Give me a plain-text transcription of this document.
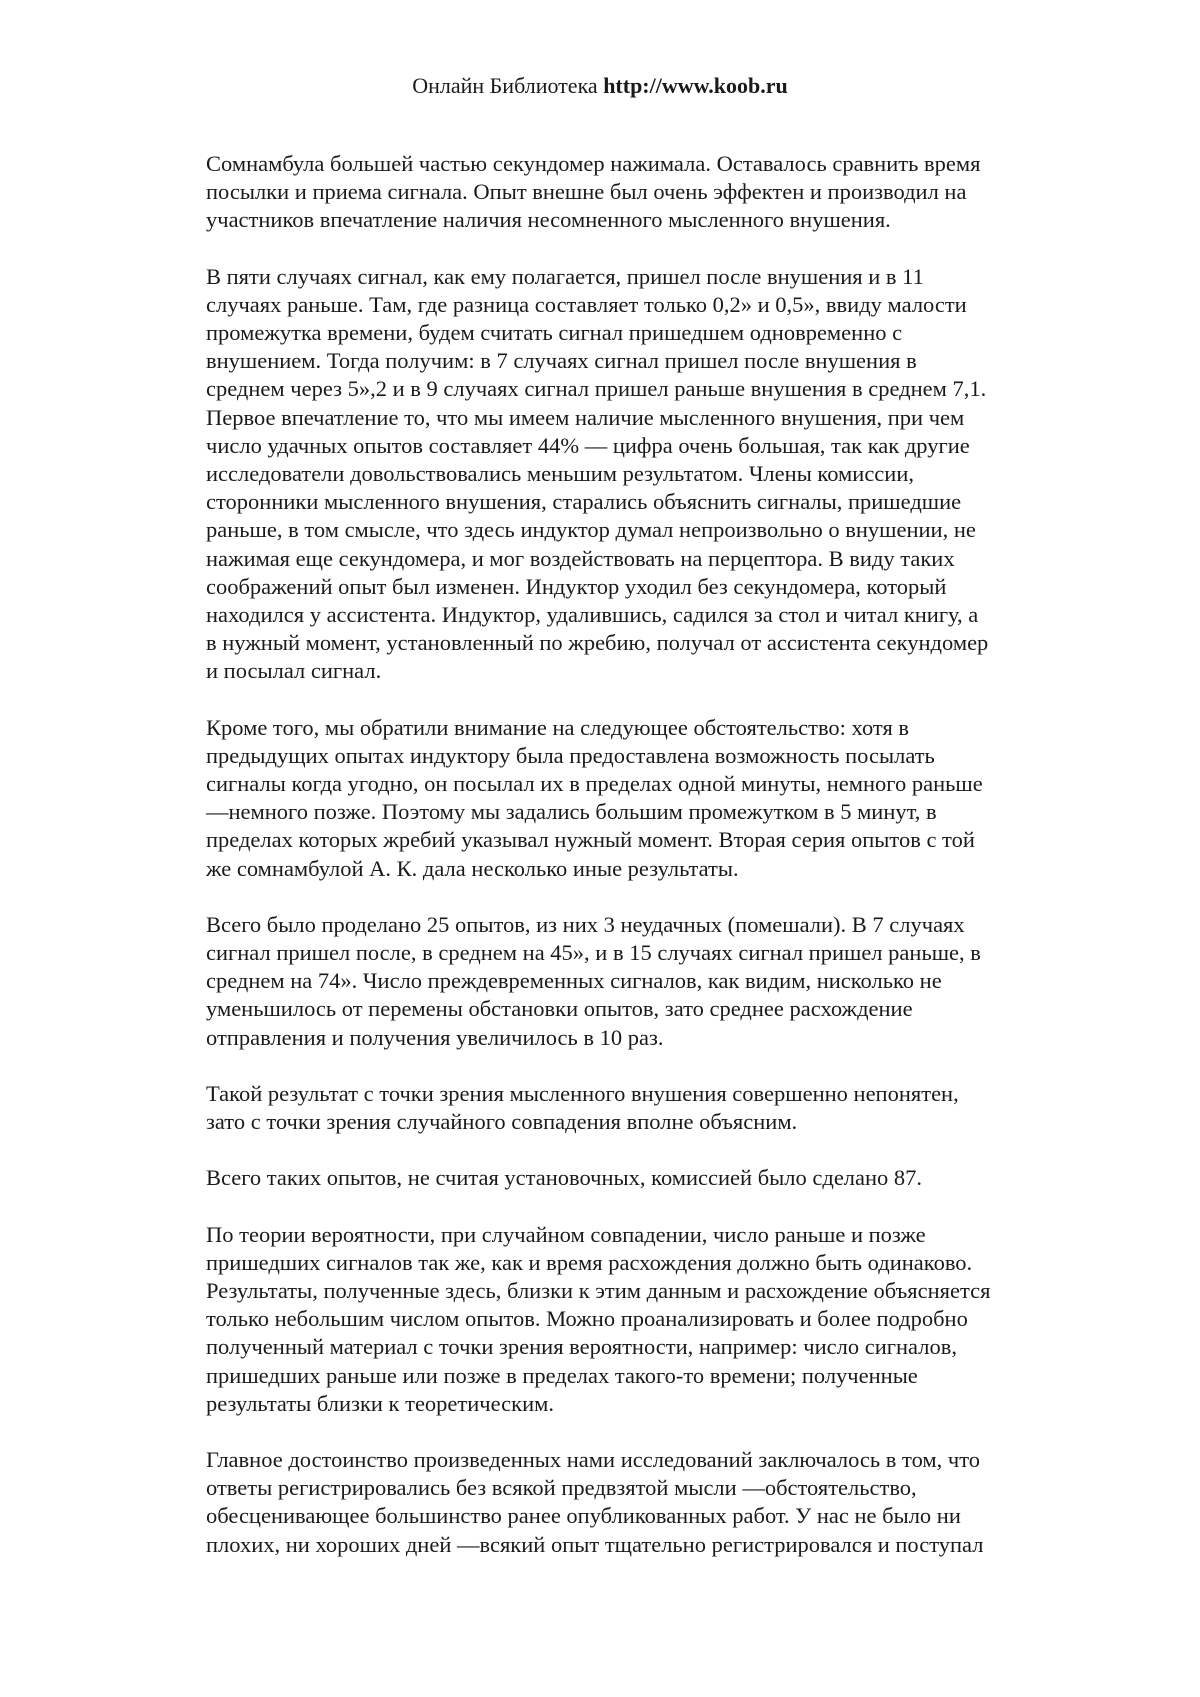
Онлайн Библиотека http://www.koob.ru
Сомнамбула большей частью секундомер нажимала. Оставалось сравнить время
посылки и приема сигнала. Опыт внешне был очень эффектен и производил на
участников впечатление наличия несомненного мысленного внушения.
В пяти случаях сигнал, как ему полагается, пришел после внушения и в 11
случаях раньше. Там, где разница составляет только 0,2» и 0,5», ввиду малости
промежутка времени, будем считать сигнал пришедшем одновременно с
внушением. Тогда получим: в 7 случаях сигнал пришел после внушения в
среднем через 5»,2 и в 9 случаях сигнал пришел раньше внушения в среднем 7,1.
Первое впечатление то, что мы имеем наличие мысленного внушения, при чем
число удачных опытов составляет 44% — цифра очень большая, так как другие
исследователи довольствовались меньшим результатом. Члены комиссии,
сторонники мысленного внушения, старались объяснить сигналы, пришедшие
раньше, в том смысле, что здесь индуктор думал непроизвольно о внушении, не
нажимая еще секундомера, и мог воздействовать на перцептора. В виду таких
соображений опыт был изменен. Индуктор уходил без секундомера, который
находился у ассистента. Индуктор, удалившись, садился за стол и читал книгу, а
в нужный момент, установленный по жребию, получал от ассистента секундомер
и посылал сигнал.
Кроме того, мы обратили внимание на следующее обстоятельство: хотя в
предыдущих опытах индуктору была предоставлена возможность посылать
сигналы когда угодно, он посылал их в пределах одной минуты, немного раньше
—немного позже. Поэтому мы задались большим промежутком в 5 минут, в
пределах которых жребий указывал нужный момент. Вторая серия опытов с той
же сомнамбулой А. К. дала несколько иные результаты.
Всего было проделано 25 опытов, из них 3 неудачных (помешали). В 7 случаях
сигнал пришел после, в среднем на 45», и в 15 случаях сигнал пришел раньше, в
среднем на 74». Число преждевременных сигналов, как видим, нисколько не
уменьшилось от перемены обстановки опытов, зато среднее расхождение
отправления и получения увеличилось в 10 раз.
Такой результат с точки зрения мысленного внушения совершенно непонятен,
зато с точки зрения случайного совпадения вполне объясним.
Всего таких опытов, не считая установочных, комиссией было сделано 87.
По теории вероятности, при случайном совпадении, число раньше и позже
пришедших сигналов так же, как и время расхождения должно быть одинаково.
Результаты, полученные здесь, близки к этим данным и расхождение объясняется
только небольшим числом опытов. Можно проанализировать и более подробно
полученный материал с точки зрения вероятности, например: число сигналов,
пришедших раньше или позже в пределах такого-то времени; полученные
результаты близки к теоретическим.
Главное достоинство произведенных нами исследований заключалось в том, что
ответы регистрировались без всякой предвзятой мысли —обстоятельство,
обесценивающее большинство ранее опубликованных работ. У нас не было ни
плохих, ни хороших дней —всякий опыт тщательно регистрировался и поступал
